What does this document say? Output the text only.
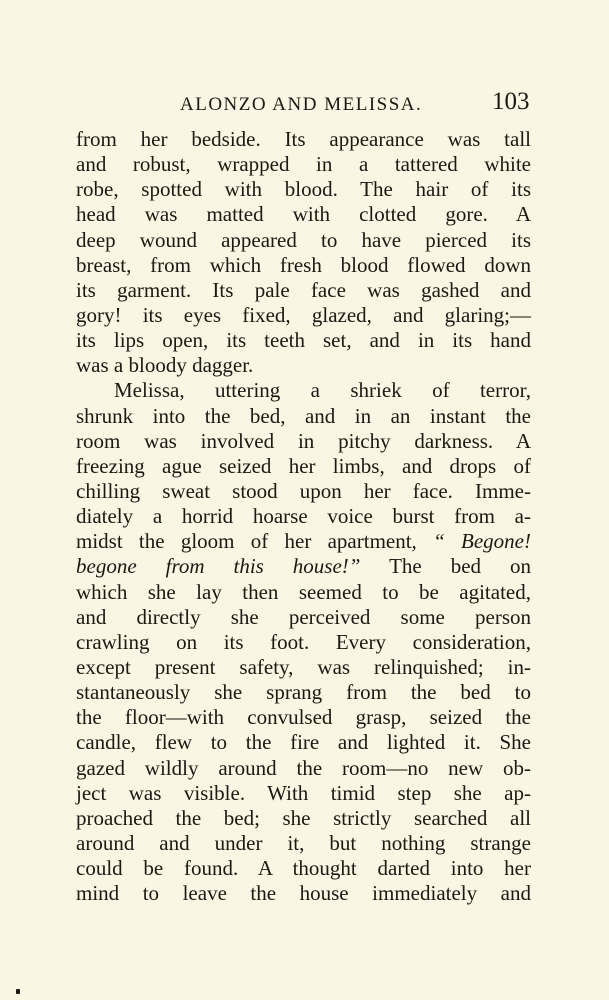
ALONZO AND MELISSA.	103
from her bedside. Its appearance was tall
and robust, wrapped in a tattered white
robe, spotted with blood. The hair of its
head was matted with clotted gore. A
deep wound appeared to have pierced its
breast, from which fresh blood flowed down
its garment. Its pale face was gashed and
gory! its eyes fixed, glazed, and glaring;—
its lips open, its teeth set, and in its hand
was a bloody dagger.
Melissa, uttering a shriek of terror,
shrunk into the bed, and in an instant the
room was involved in pitchy darkness. A
freezing ague seized her limbs, and drops of
chilling sweat stood upon her face. Imme-
diately a horrid hoarse voice burst from a-
midst the gloom of her apartment, “ Begone!
begone from this house!” The bed on
which she lay then seemed to be agitated,
and directly she perceived some person
crawling on its foot. Every consideration,
except present safety, was relinquished; in-
stantaneously she sprang from the bed to
the floor—with convulsed grasp, seized the
candle, flew to the fire and lighted it. She
gazed wildly around the room—no new ob-
ject was visible. With timid step she ap-
proached the bed; she strictly searched all
around and under it, but nothing strange
could be found. A thought darted into her
mind to leave the house immediately and
